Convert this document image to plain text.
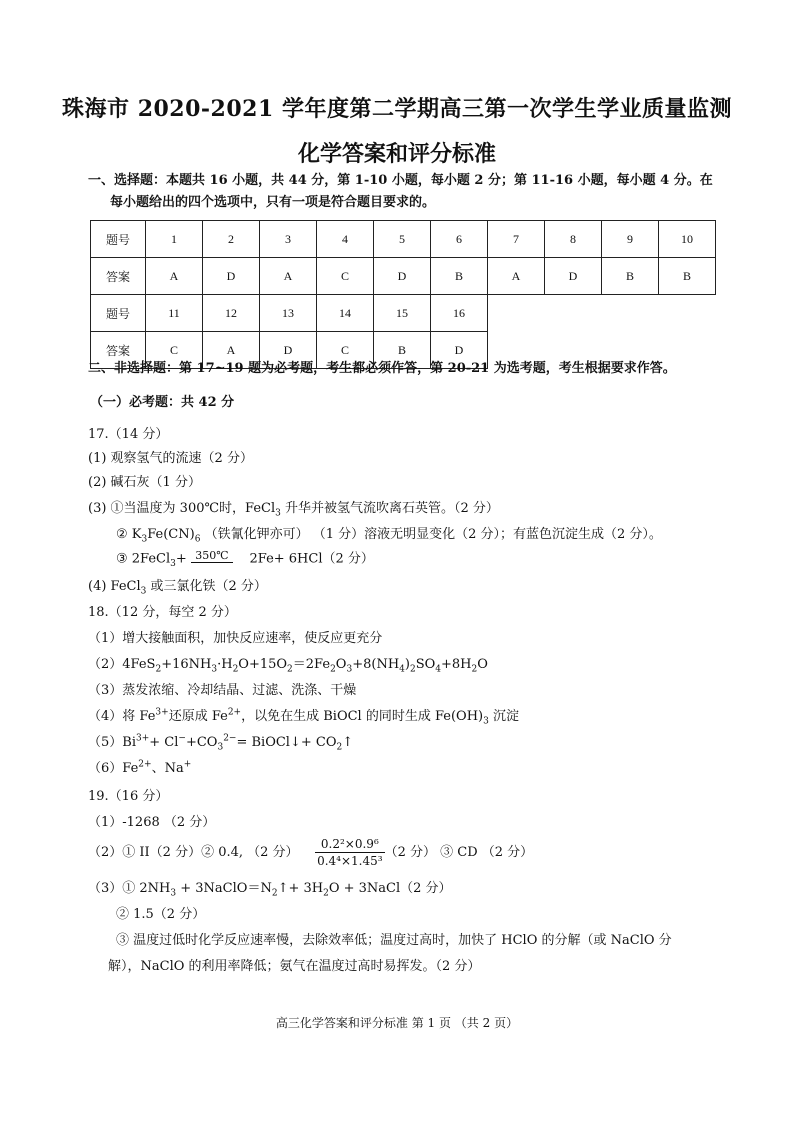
珠海市 2020-2021 学年度第二学期高三第一次学生学业质量监测
化学答案和评分标准
一、选择题：本题共 16 小题，共 44 分，第 1-10 小题，每小题 2 分；第 11-16 小题，每小题 4 分。在
每小题给出的四个选项中，只有一项是符合题目要求的。
题号	1	2	3	4	5	6	7	8	9	10
答案	A	D	A	C	D	B	A	D	B	B
题号	11	12	13	14	15	16				
答案	C	A	D	C	B	D				
二、非选择题：第 17~19 题为必考题，考生都必须作答，第 20-21 为选考题，考生根据要求作答。
（一）必考题：共 42 分
17.（14 分）
(1) 观察氢气的流速（2 分）
(2) 碱石灰（1 分）
(3) ①当温度为 300℃时，FeCl$_3$ 升华并被氢气流吹离石英管。（2 分）
② $K_3Fe(CN)_6$ （铁氰化钾亦可） （1 分）溶液无明显变化（2 分）；有蓝色沉淀生成（2 分）。
③ 2FeCl$_3$+ 350℃	2Fe+ 6HCl（2 分）
(4) FeCl$_3$ 或三氯化铁（2 分）
18.（12 分，每空 2 分）
（1）增大接触面积，加快反应速率，使反应更充分
$(2)4FeS_2+16NH_3\cdot H_2O+15O_2=2Fe_2O_3+8(NH_4)_2SO_4+8H_2O$
（3）蒸发浓缩、冷却结晶、过滤、洗涤、干燥
（4）将 $Fe^{3+}$还原成 $Fe^{2+}$，以免在生成 BiOCl 的同时生成 $Fe(OH)_3$ 沉淀
$(5)Bi^{3+}+ Cl^-+CO_3^{2-}=$ BiOCl↓+ $CO_2↑$
$(6)Fe^{2+}$、Na+
19.（16 分）
（1）-1268 （2 分）
（2）① II（2 分）② 0.4, （2 分） $\frac{\text{0.2²×0.9⁶}}{\text{0.4⁴×1.45³}} (2$ 分） ③ CD （2 分）
（3）① $2NH_3$ + $3NaClO=N_2↑+ 3H_2O$ + 3NaCl（2 分）
② 1.5（2 分）
③ 温度过低时化学反应速率慢，去除效率低；温度过高时，加快了 HClO 的分解（或 NaClO 分
解），NaClO 的利用率降低；氨气在温度过高时易挥发。（2 分）
高三化学答案和评分标准 第 1 页 （共 2 页）
